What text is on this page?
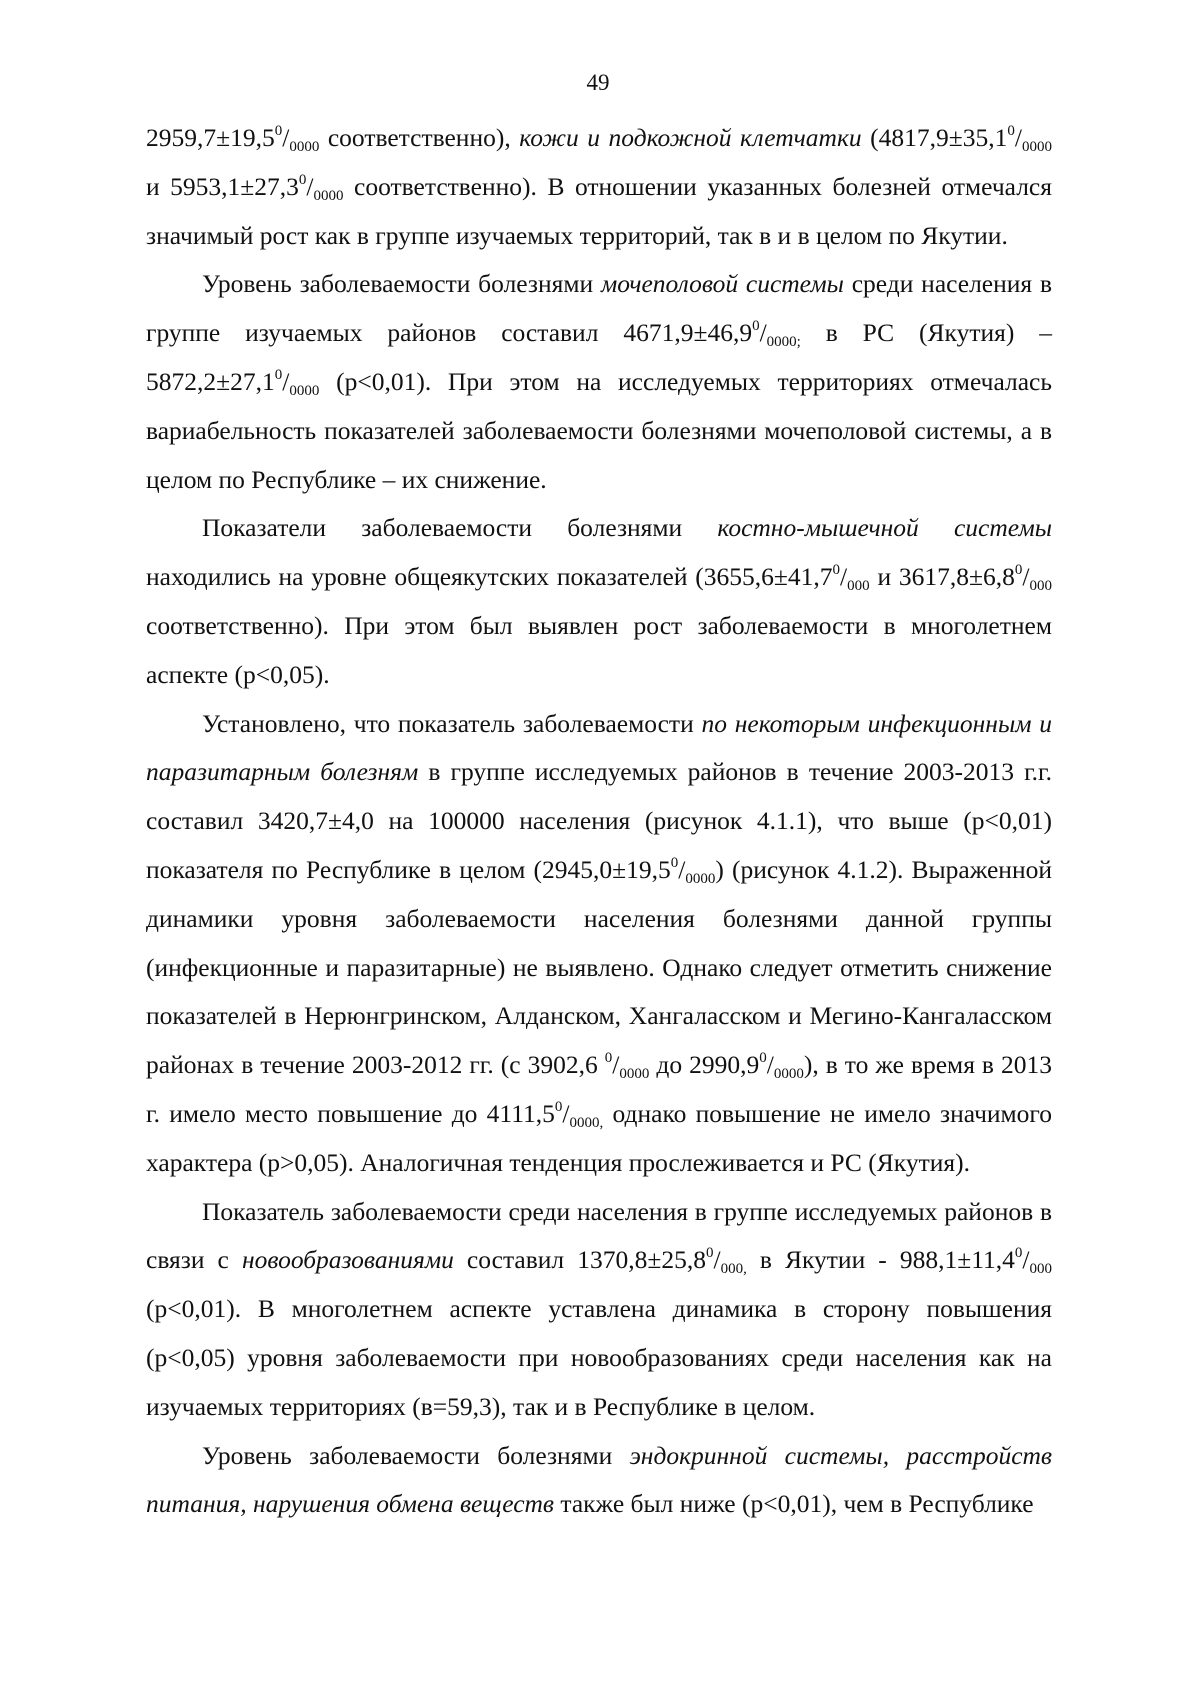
49

$2959,7\pm 19,5^0/_{0000}$ соответственно), кожи и подкожной клетчатки ($4817,9\pm 35,1^0/_{0000}$ и $5953,1\pm 27,3^0/_{0000}$ соответственно). В отношении указанных болезней отмечался значимый рост как в группе изучаемых территорий, так в и в целом по Якутии.

Уровень заболеваемости болезнями мочеполовой системы среди населения в группе изучаемых районов составил $4671,9\pm 46,9^0/_{0000;}$ в РС (Якутия) – $5872,2\pm 27,1^0/_{0000}$ (p<0,01). При этом на исследуемых территориях отмечалась вариабельность показателей заболеваемости болезнями мочеполовой системы, а в целом по Республике – их снижение.

Показатели заболеваемости болезнями костно-мышечной системы находились на уровне общеякутских показателей ($3655,6\pm 41,7^0/_{000}$ и $3617,8\pm 6,8^0/_{000}$ соответственно). При этом был выявлен рост заболеваемости в многолетнем аспекте (p<0,05).

Установлено, что показатель заболеваемости по некоторым инфекционным и паразитарным болезням в группе исследуемых районов в течение 2003-2013 г.г. составил 3420,7±4,0 на 100000 населения (рисунок 4.1.1), что выше (p<0,01) показателя по Республике в целом $(2945,0\pm 19,5^0/_{0000})$ (рисунок 4.1.2). Выраженной динамики уровня заболеваемости населения болезнями данной группы (инфекционные и паразитарные) не выявлено. Однако следует отметить снижение показателей в Нерюнгринском, Алданском, Хангаласском и Мегино-Кангаласском районах в течение 2003-2012 гг. (с 3902,6 $^0/_{0000}$ до $2990,9^0/_{0000}$), в то же время в 2013 г. имело место повышение до $4111,5^0/_{0000,}$ однако повышение не имело значимого характера (p>0,05). Аналогичная тенденция прослеживается и РС (Якутия).

Показатель заболеваемости среди населения в группе исследуемых районов в связи с новообразованиями составил $1370,8\pm 25,8^0/_{000,}$ в Якутии - $988,1\pm 11,4^0/_{000}$ (p<0,01). В многолетнем аспекте уставлена динамика в сторону повышения (p<0,05) уровня заболеваемости при новообразованиях среди населения как на изучаемых территориях (в=59,3), так и в Республике в целом.

Уровень заболеваемости болезнями эндокринной системы, расстройств питания, нарушения обмена веществ также был ниже (p<0,01), чем в Республике
